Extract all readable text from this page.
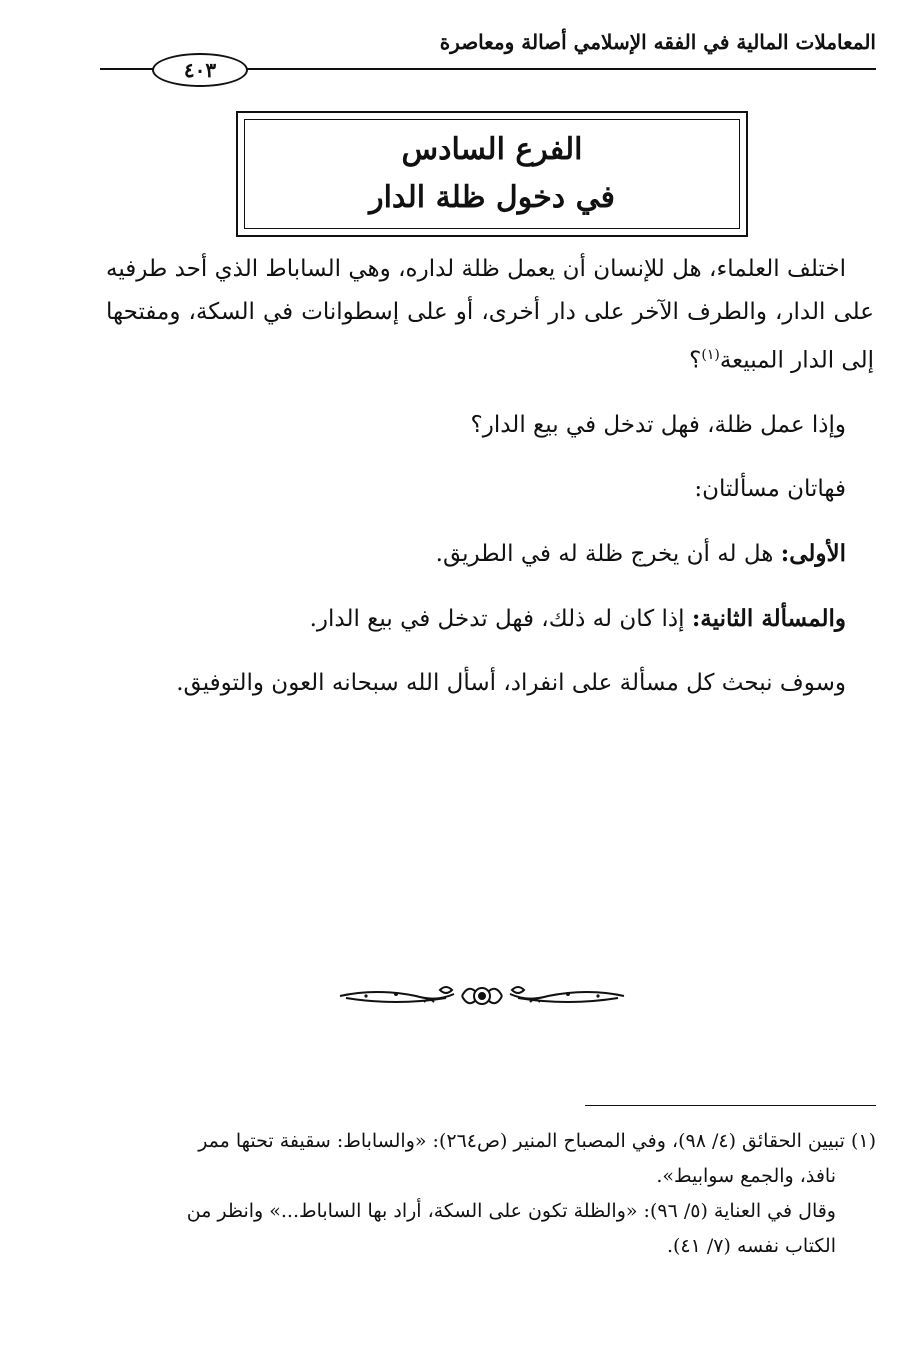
المعاملات المالية في الفقه الإسلامي أصالة ومعاصرة
٤٠٣
الفرع السادس
في دخول ظلة الدار

اختلف العلماء، هل للإنسان أن يعمل ظلة لداره، وهي الساباط الذي أحد طرفيه على الدار، والطرف الآخر على دار أخرى، أو على إسطوانات في السكة، ومفتحها إلى الدار المبيعة$^{(١)}$؟

وإذا عمل ظلة، فهل تدخل في بيع الدار؟

فهاتان مسألتان:

الأولى: هل له أن يخرج ظلة له في الطريق.

والمسألة الثانية: إذا كان له ذلك، فهل تدخل في بيع الدار.

وسوف نبحث كل مسألة على انفراد، أسأل الله سبحانه العون والتوفيق.

(١) تبيين الحقائق (٤/ ٩٨)، وفي المصباح المنير (ص٢٦٤): «والساباط: سقيفة تحتها ممر

نافذ، والجمع سوابيط».

وقال في العناية (٥/ ٩٦): «والظلة تكون على السكة، أراد بها الساباط...» وانظر من

الكتاب نفسه (٧/ ٤١).
